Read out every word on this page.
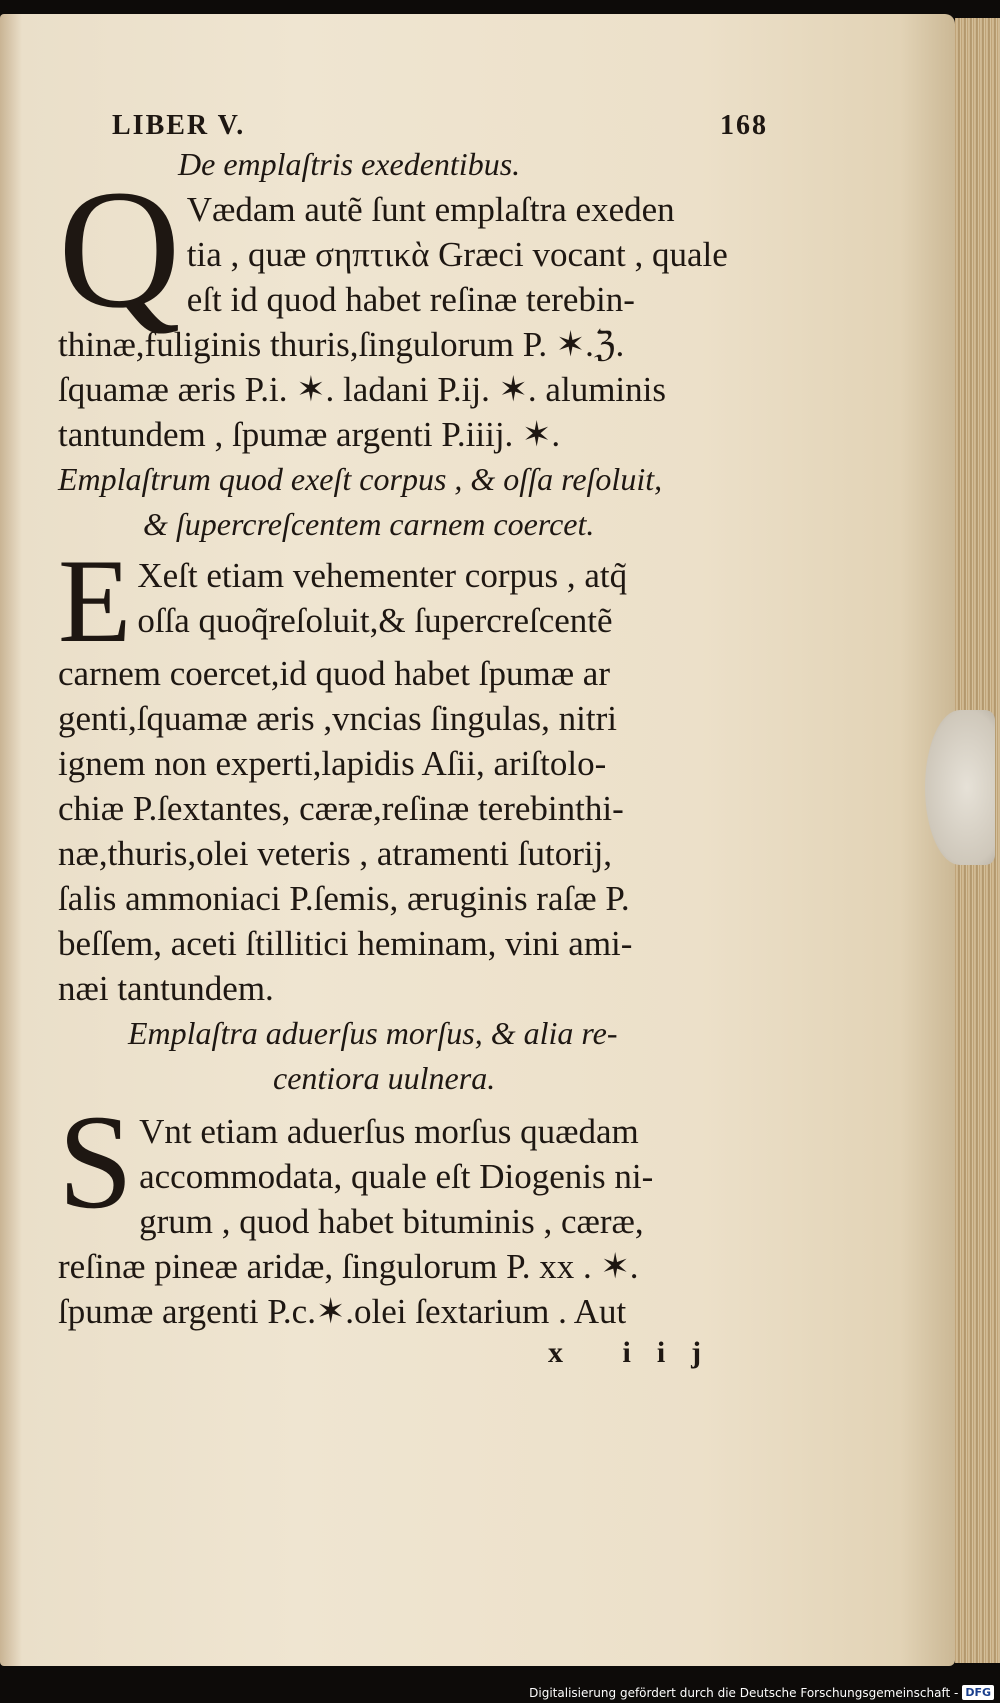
LIBER V.	168
De emplaſtris exedentibus.
Q Vædam autẽ ſunt emplaſtra exeden

tia , quæ σηπτικὰ Græci vocant , quale

eſt id quod habet reſinæ terebin-

thinæ,fuliginis thuris,ſingulorum P. ✶.ℨ.

ſquamæ æris P.i. ✶. ladani P.ij. ✶. aluminis

tantundem , ſpumæ argenti P.iiij. ✶.

Emplaſtrum quod exeſt corpus , & oſſa reſoluit,
& ſupercreſcentem carnem coercet.
E Xeſt etiam vehementer corpus , atq̃

oſſa quoq̃reſoluit,& ſupercreſcentẽ

carnem coercet,id quod habet ſpumæ ar

genti,ſquamæ æris ,vncias ſingulas, nitri

ignem non experti,lapidis Aſii, ariſtolo-

chiæ P.ſextantes, cæræ,reſinæ terebinthi-

næ,thuris,olei veteris , atramenti ſutorij,

ſalis ammoniaci P.ſemis, æruginis raſæ P.

beſſem, aceti ſtillitici heminam, vini ami-

næi tantundem.

Emplaſtra aduerſus morſus, & alia re-
centiora uulnera.
S Vnt etiam aduerſus morſus quædam

accommodata, quale eſt Diogenis ni-

grum , quod habet bituminis , cæræ,

reſinæ pineæ aridæ, ſingulorum P. xx . ✶.

ſpumæ argenti P.c.✶.olei ſextarium . Aut

x iij
Digitalisierung gefördert durch die Deutsche Forschungsgemeinschaft - DFG
